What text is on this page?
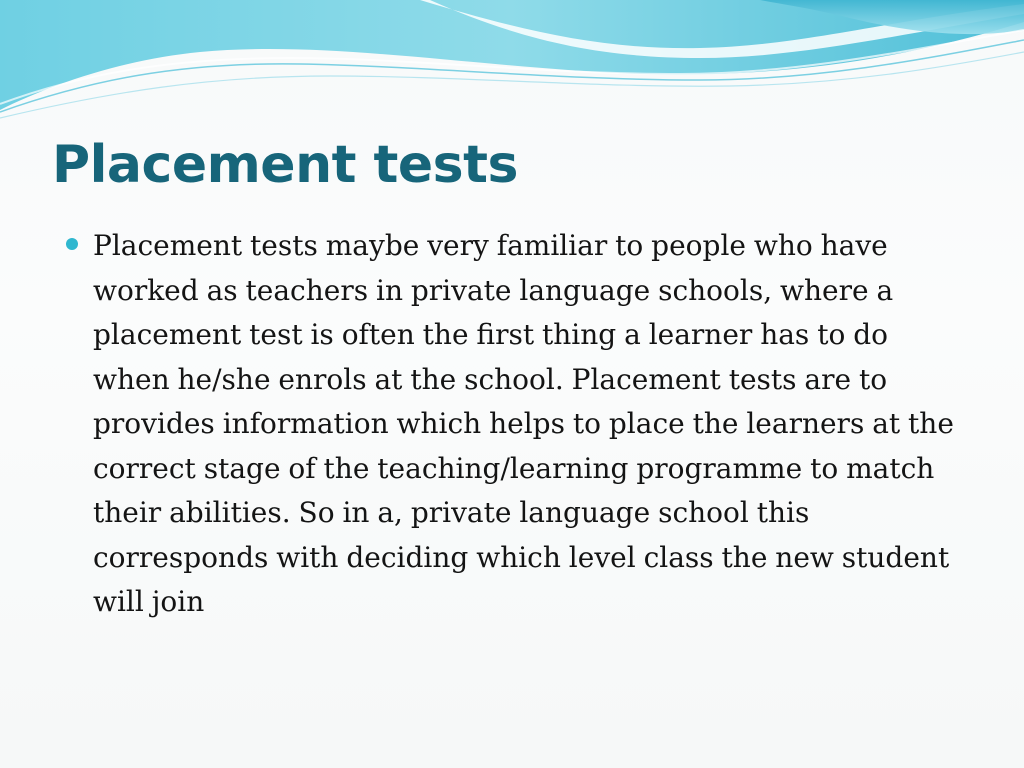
Placement tests
Placement tests maybe very familiar to people who have worked as teachers in private language schools, where a placement test is often the first thing a learner has to do when he/she enrols at the school. Placement tests are to provides information which helps to place the learners at the correct stage of the teaching/learning programme to match their abilities. So in a, private language school this corresponds with deciding which level class the new student will join
